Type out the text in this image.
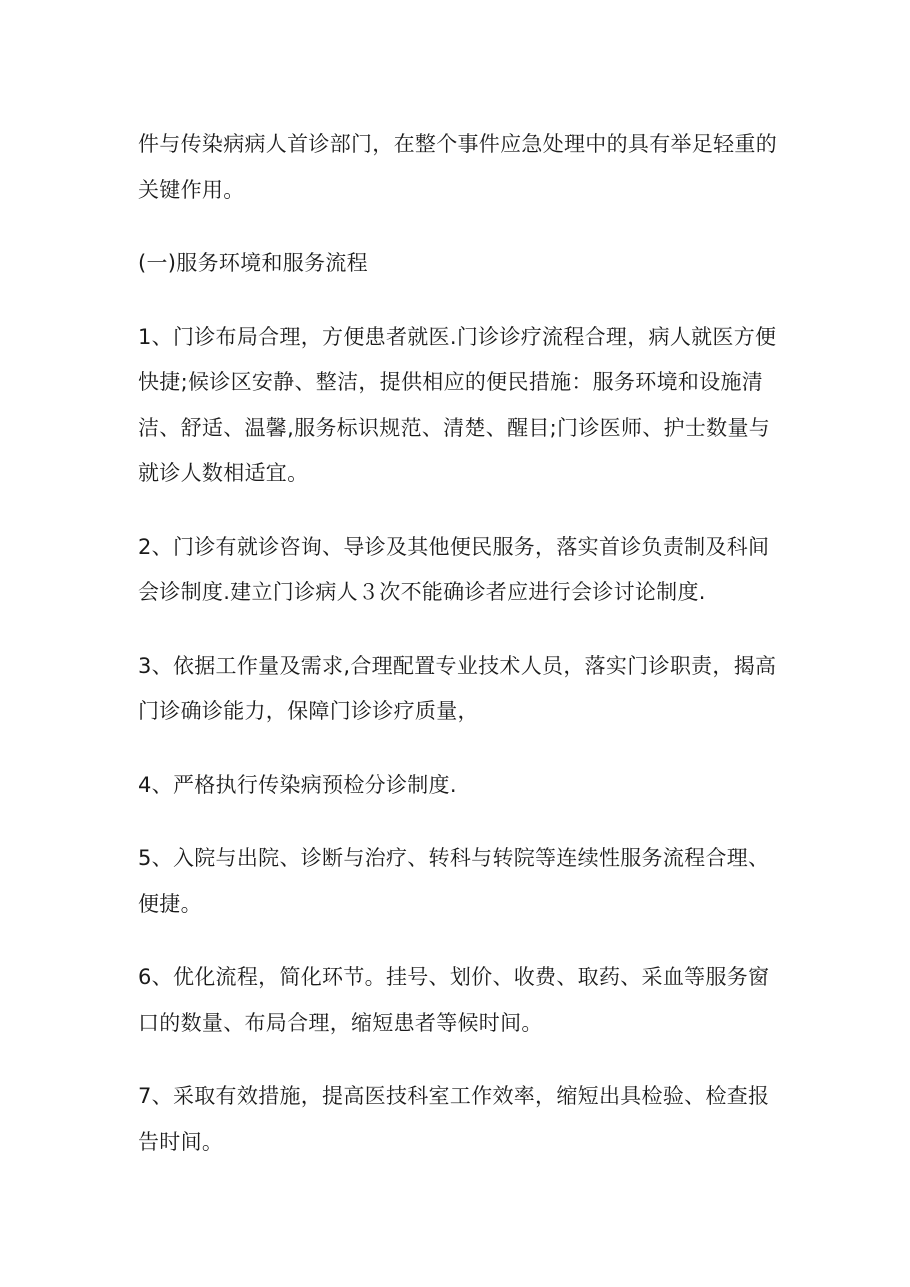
件与传染病病人首诊部门，在整个事件应急处理中的具有举足轻重的关键作用。

(一)服务环境和服务流程

1、门诊布局合理，方便患者就医.门诊诊疗流程合理，病人就医方便快捷;候诊区安静、整洁，提供相应的便民措施：服务环境和设施清洁、舒适、温馨,服务标识规范、清楚、醒目;门诊医师、护士数量与就诊人数相适宜。

2、门诊有就诊咨询、导诊及其他便民服务，落实首诊负责制及科间会诊制度.建立门诊病人３次不能确诊者应进行会诊讨论制度.

3、依据工作量及需求,合理配置专业技术人员，落实门诊职责，揭高门诊确诊能力，保障门诊诊疗质量，

4、严格执行传染病预检分诊制度.

5、入院与出院、诊断与治疗、转科与转院等连续性服务流程合理、便捷。

6、优化流程，简化环节。挂号、划价、收费、取药、采血等服务窗口的数量、布局合理，缩短患者等候时间。

7、采取有效措施，提高医技科室工作效率，缩短出具检验、检查报告时间。
